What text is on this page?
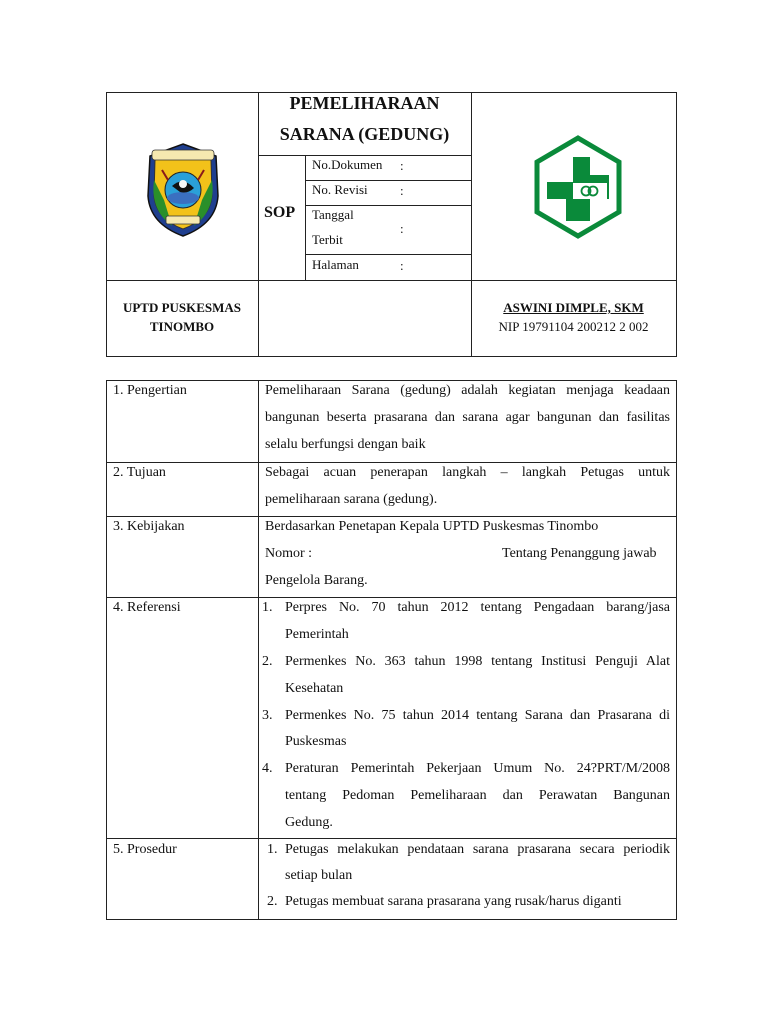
PEMELIHARAAN
SARANA (GEDUNG)
SOP
No.Dokumen :
No. Revisi :
Tanggal
Terbit
:
Halaman	:
UPTD PUSKESMAS
TINOMBO
ASWINI DIMPLE, SKM
NIP 19791104 200212 2 002
1. Pengertian	Pemeliharaan Sarana (gedung) adalah kegiatan menjaga keadaan
bangunan beserta prasarana dan sarana agar bangunan dan fasilitas
selalu berfungsi dengan baik
2. Tujuan	Sebagai acuan penerapan langkah – langkah Petugas untuk
pemeliharaan sarana (gedung).
3. Kebijakan	Berdasarkan Penetapan Kepala UPTD Puskesmas Tinombo
Nomor :	Tentang Penanggung jawab
Pengelola Barang.
4. Referensi	1. Perpres No. 70 tahun 2012 tentang Pengadaan barang/jasa
Pemerintah
2. Permenkes No. 363 tahun 1998 tentang Institusi Penguji Alat
Kesehatan
3. Permenkes No. 75 tahun 2014 tentang Sarana dan Prasarana di
Puskesmas
4. Peraturan Pemerintah Pekerjaan Umum No. 24?PRT/M/2008
tentang Pedoman Pemeliharaan dan Perawatan Bangunan
Gedung.
5. Prosedur	1. Petugas melakukan pendataan sarana prasarana secara periodik
setiap bulan
2. Petugas membuat sarana prasarana yang rusak/harus diganti
